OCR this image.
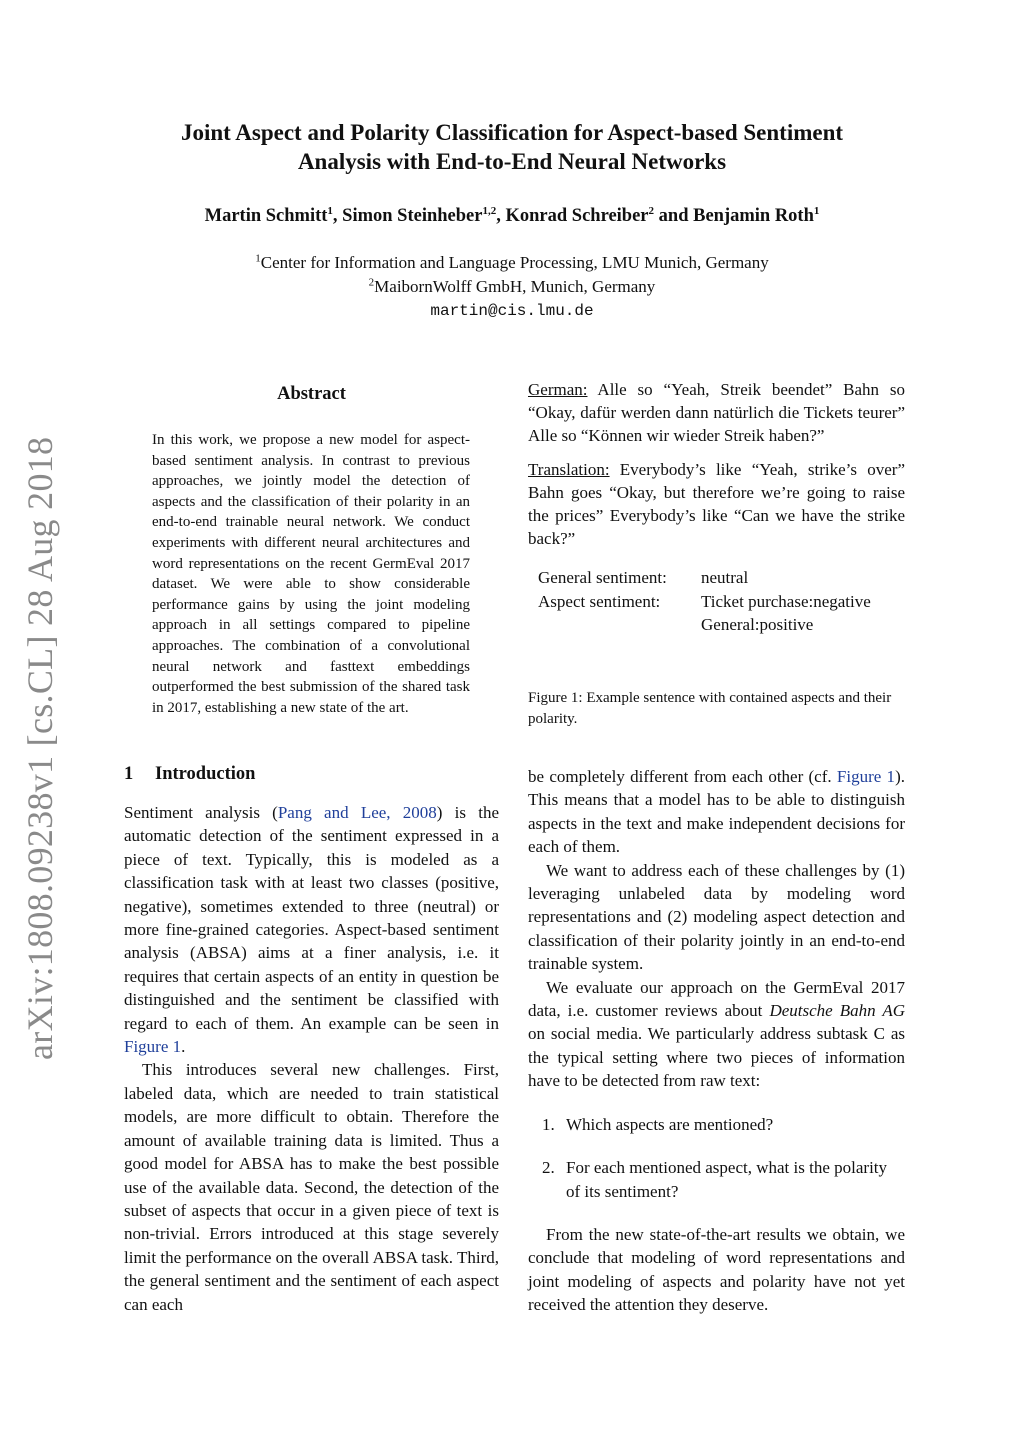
arXiv:1808.09238v1 [cs.CL] 28 Aug 2018
Joint Aspect and Polarity Classification for Aspect-based Sentiment
Analysis with End-to-End Neural Networks
Martin Schmitt$^1$, Simon Steinheber$^{1,2}$, Konrad Schreiber$^2$ and Benjamin Roth$^1$
$^1$Center for Information and Language Processing, LMU Munich, Germany
$^2$MaibornWolff GmbH, Munich, Germany
martin@cis.lmu.de
Abstract
In this work, we propose a new model for aspect-based sentiment analysis. In contrast to previous approaches, we jointly model the detection of aspects and the classification of their polarity in an end-to-end trainable neural network. We conduct experiments with different neural architectures and word representations on the recent GermEval 2017 dataset. We were able to show considerable performance gains by using the joint modeling approach in all settings compared to pipeline approaches. The combination of a convolutional neural network and fasttext embeddings outperformed the best submission of the shared task in 2017, establishing a new state of the art.
1 Introduction

Sentiment analysis (Pang and Lee, 2008) is the automatic detection of the sentiment expressed in a piece of text. Typically, this is modeled as a classification task with at least two classes (positive, negative), sometimes extended to three (neutral) or more fine-grained categories. Aspect-based sentiment analysis (ABSA) aims at a finer analysis, i.e. it requires that certain aspects of an entity in question be distinguished and the sentiment be classified with regard to each of them. An example can be seen in Figure 1.

This introduces several new challenges. First, labeled data, which are needed to train statistical models, are more difficult to obtain. Therefore the amount of available training data is limited. Thus a good model for ABSA has to make the best possible use of the available data. Second, the detection of the subset of aspects that occur in a given piece of text is non-trivial. Errors introduced at this stage severely limit the performance on the overall ABSA task. Third, the general sentiment and the sentiment of each aspect can each

German: Alle so “Yeah, Streik beendet” Bahn so “Okay, dafür werden dann natürlich die Tickets teurer” Alle so “Können wir wieder Streik haben?”

Translation: Everybody’s like “Yeah, strike’s over” Bahn goes “Okay, but therefore we’re going to raise the prices” Everybody’s like “Can we have the strike back?”

General sentiment:	neutral
Aspect sentiment:	Ticket purchase:negative
General:positive
Figure 1: Example sentence with contained aspects and their polarity.

be completely different from each other (cf. Figure 1). This means that a model has to be able to distinguish aspects in the text and make independent decisions for each of them.

We want to address each of these challenges by (1) leveraging unlabeled data by modeling word representations and (2) modeling aspect detection and classification of their polarity jointly in an end-to-end trainable system.

We evaluate our approach on the GermEval 2017 data, i.e. customer reviews about Deutsche Bahn AG on social media. We particularly address subtask C as the typical setting where two pieces of information have to be detected from raw text:

1. Which aspects are mentioned?
2. For each mentioned aspect, what is the polarity of its sentiment?

From the new state-of-the-art results we obtain, we conclude that modeling of word representations and joint modeling of aspects and polarity have not yet received the attention they deserve.
